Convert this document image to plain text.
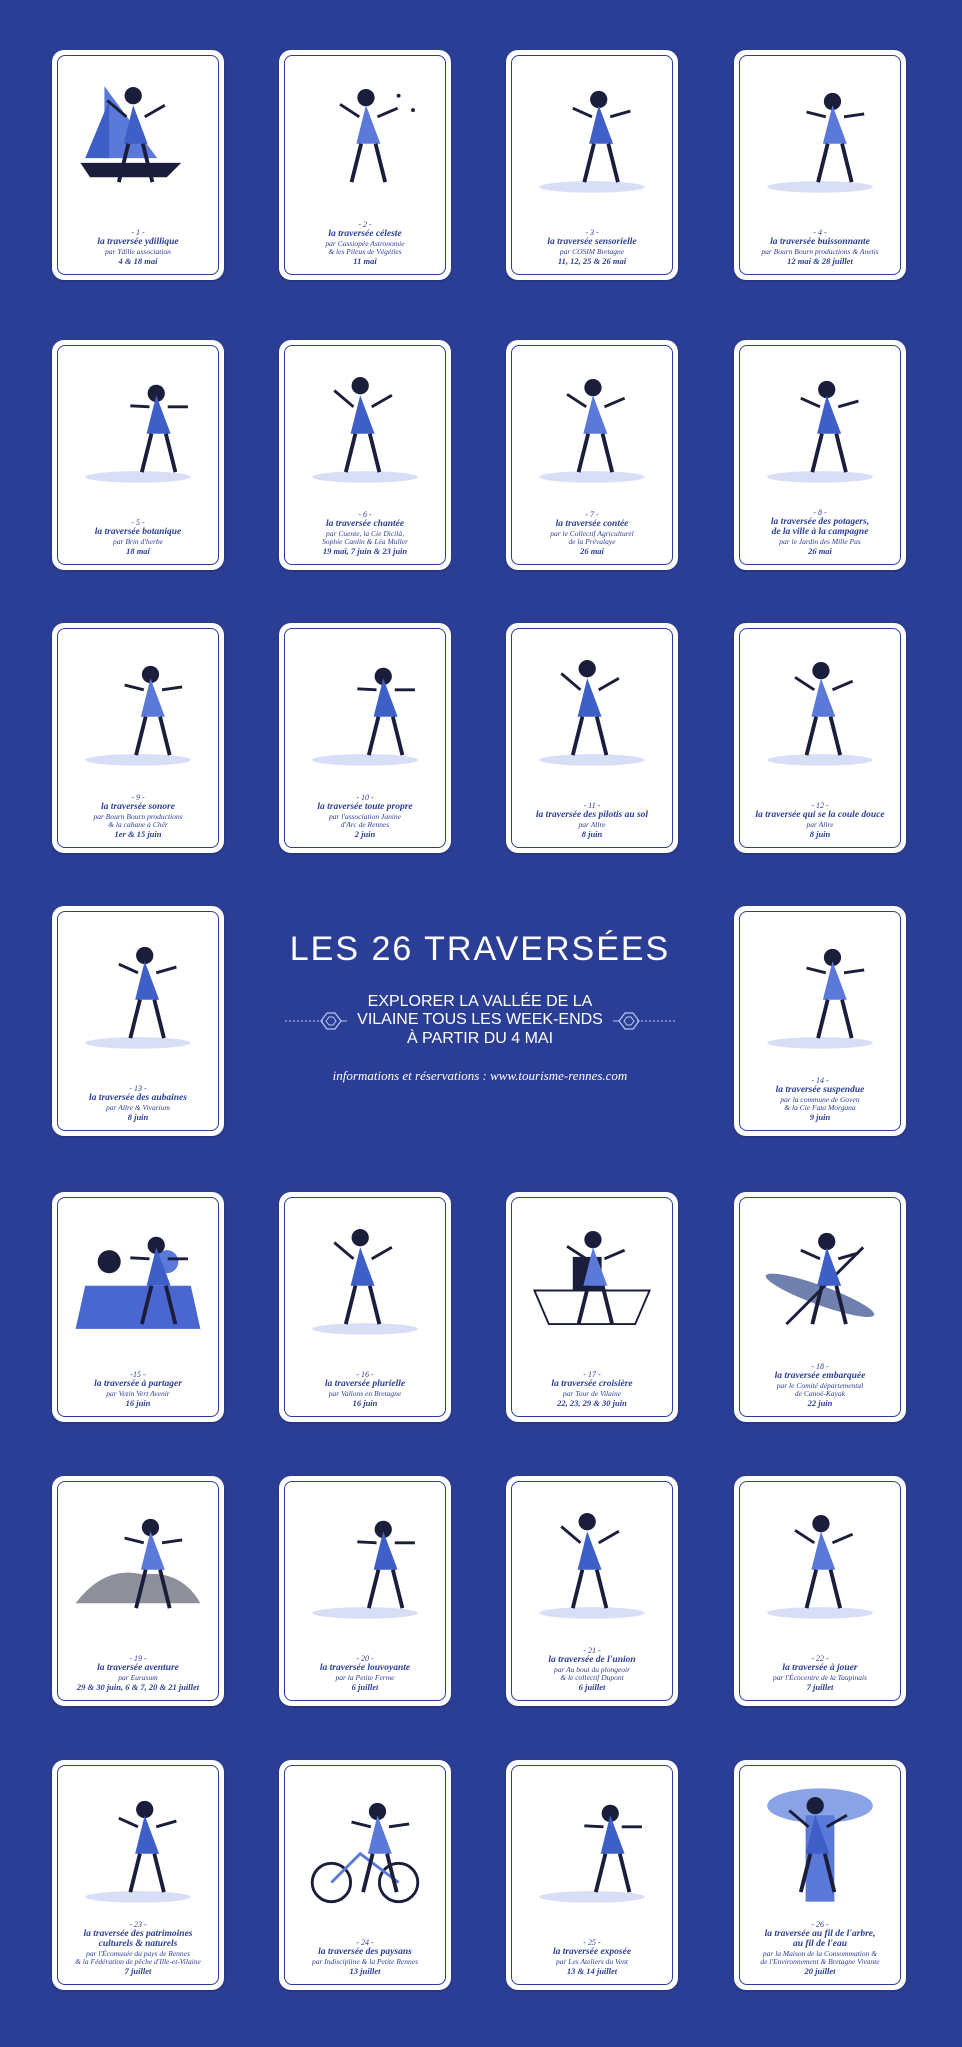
- 1 -
la traversée ydillique
par Ydille association
4 & 18 mai
- 2 -
la traversée céleste
par Cassiopée Astronomie
& les Pileux de Végétles
11 mai
- 3 -
la traversée sensorielle
par COSIM Bretagne
11, 12, 25 & 26 mai
- 4 -
la traversée buissonnante
par Bourn Bourn productions & Anetis
12 mai & 28 juillet
- 5 -
la traversée botanique
par Brin d'herbe
18 mai
- 6 -
la traversée chantée
par Cuente, la Cie Dicilà,
Sophie Canlin & Léa Muller
19 mai, 7 juin & 23 juin
- 7 -
la traversée contée
par le Collectif Agriculturel
de la Prévalaye
26 mai
- 8 -
la traversée des potagers,
de la ville à la campagne
par le Jardin des Mille Pas
26 mai
- 9 -
la traversée sonore
par Bourn Bourn productions
& la cabane à Chêr
1er & 15 juin
- 10 -
la traversée toute propre
par l'association Janine
d'Arc de Rennes
2 juin
- 11 -
la traversée des pilotis au sol
par Allre
8 juin
- 12 -
la traversée qui se la coule douce
par Allre
8 juin
- 13 -
la traversée des aubaines
par Allre & Vivarium
8 juin
- 14 -
la traversée suspendue
par la commune de Goven
& la Cie Fata Morgana
9 juin
-15 -
la traversée à partager
par Vezin Vert Avenir
16 juin
- 16 -
la traversée plurielle
par Vallons en Bretagne
16 juin
- 17 -
la traversée croisière
par Tour de Vilaine
22, 23, 29 & 30 juin
- 18 -
la traversée embarquée
par le Comité départemental
de Canoë-Kayak
22 juin
- 19 -
la traversée aventure
par Eurasum
29 & 30 juin, 6 & 7, 20 & 21 juillet
- 20 -
la traversée louvoyante
par la Petite Ferme
6 juillet
- 21 -
la traversée de l'union
par Au bout du plongeoir
& le collectif Dupont
6 juillet
- 22 -
la traversée à jouer
par l'Écocentre de la Taupinais
7 juillet
- 23 -
la traversée des patrimoines
culturels & naturels
par l'Écomusée du pays de Rennes
& la Fédération de pêche d'Ille-et-Vilaine
7 juillet
- 24 -
la traversée des paysans
par Indiscipline & la Petite Rennes
13 juillet
- 25 -
la traversée exposée
par Les Ateliers du Vent
13 & 14 juillet
- 26 -
la traversée au fil de l'arbre,
au fil de l'eau
par la Maison de la Consommation &
de l'Environnement & Bretagne Vivante
20 juillet
LES 26 TRAVERSÉES
EXPLORER LA VALLÉE DE LA
VILAINE TOUS LES WEEK-ENDS
À PARTIR DU 4 MAI
informations et réservations : www.tourisme-rennes.com
